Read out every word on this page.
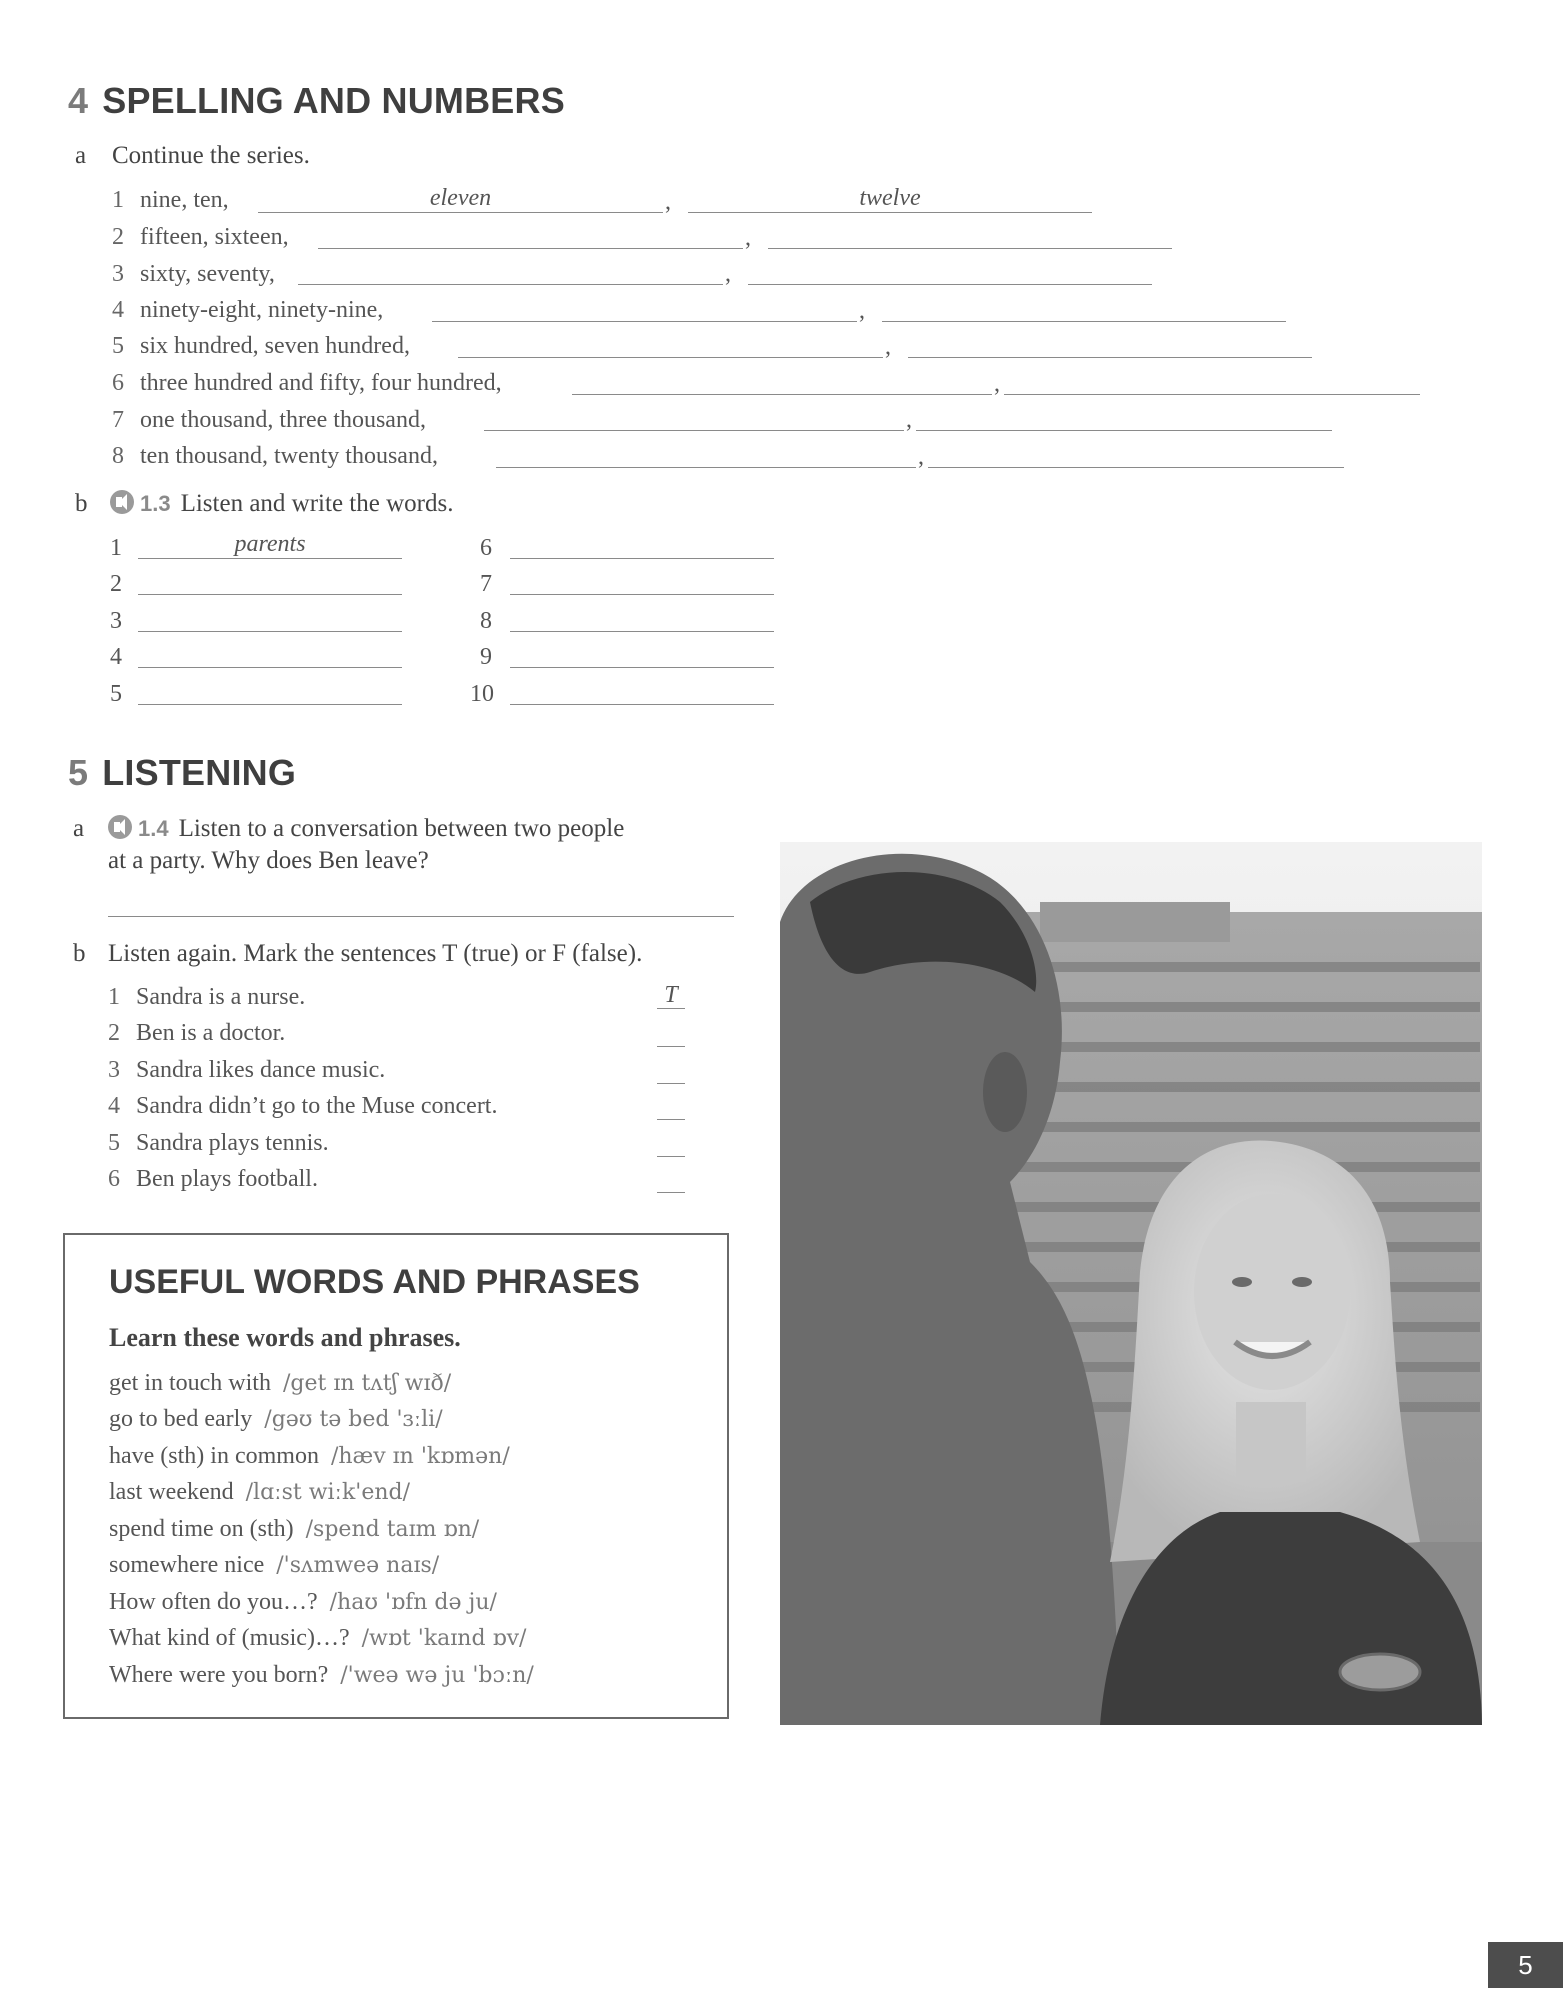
4 SPELLING AND NUMBERS
a Continue the series.
1 nine, ten,	eleven	,	twelve
2 fifteen, sixteen,	,
3 sixty, seventy,	,
4 ninety-eight, ninety-nine,	,
5 six hundred, seven hundred,	,
6 three hundred and fifty, four hundred,	,
7 one thousand, three thousand,	,
8 ten thousand, twenty thousand,	,
b	1.3 Listen and write the words.
1	parents
2
3
4
5
6
7
8
9
10
5 LISTENING
a	1.4 Listen to a conversation between two people
at a party. Why does Ben leave?
b Listen again. Mark the sentences T (true) or F (false).
1 Sandra is a nurse.	T
2 Ben is a doctor.
3 Sandra likes dance music.
4 Sandra didn’t go to the Muse concert.
5 Sandra plays tennis.
6 Ben plays football.
USEFUL WORDS AND PHRASES
Learn these words and phrases.
get in touch with /get ɪn tʌtʃ wɪð/
go to bed early /gəʊ tə bed 'ɜːli/
have (sth) in common /hæv ɪn 'kɒmən/
last weekend /lɑːst wiːk'end/
spend time on (sth) /spend taɪm ɒn/
somewhere nice /'sʌmweə naɪs/
How often do you…? /haʊ 'ɒfn də ju/
What kind of (music)…? /wɒt 'kaɪnd ɒv/
Where were you born? /'weə wə ju 'bɔːn/
5
